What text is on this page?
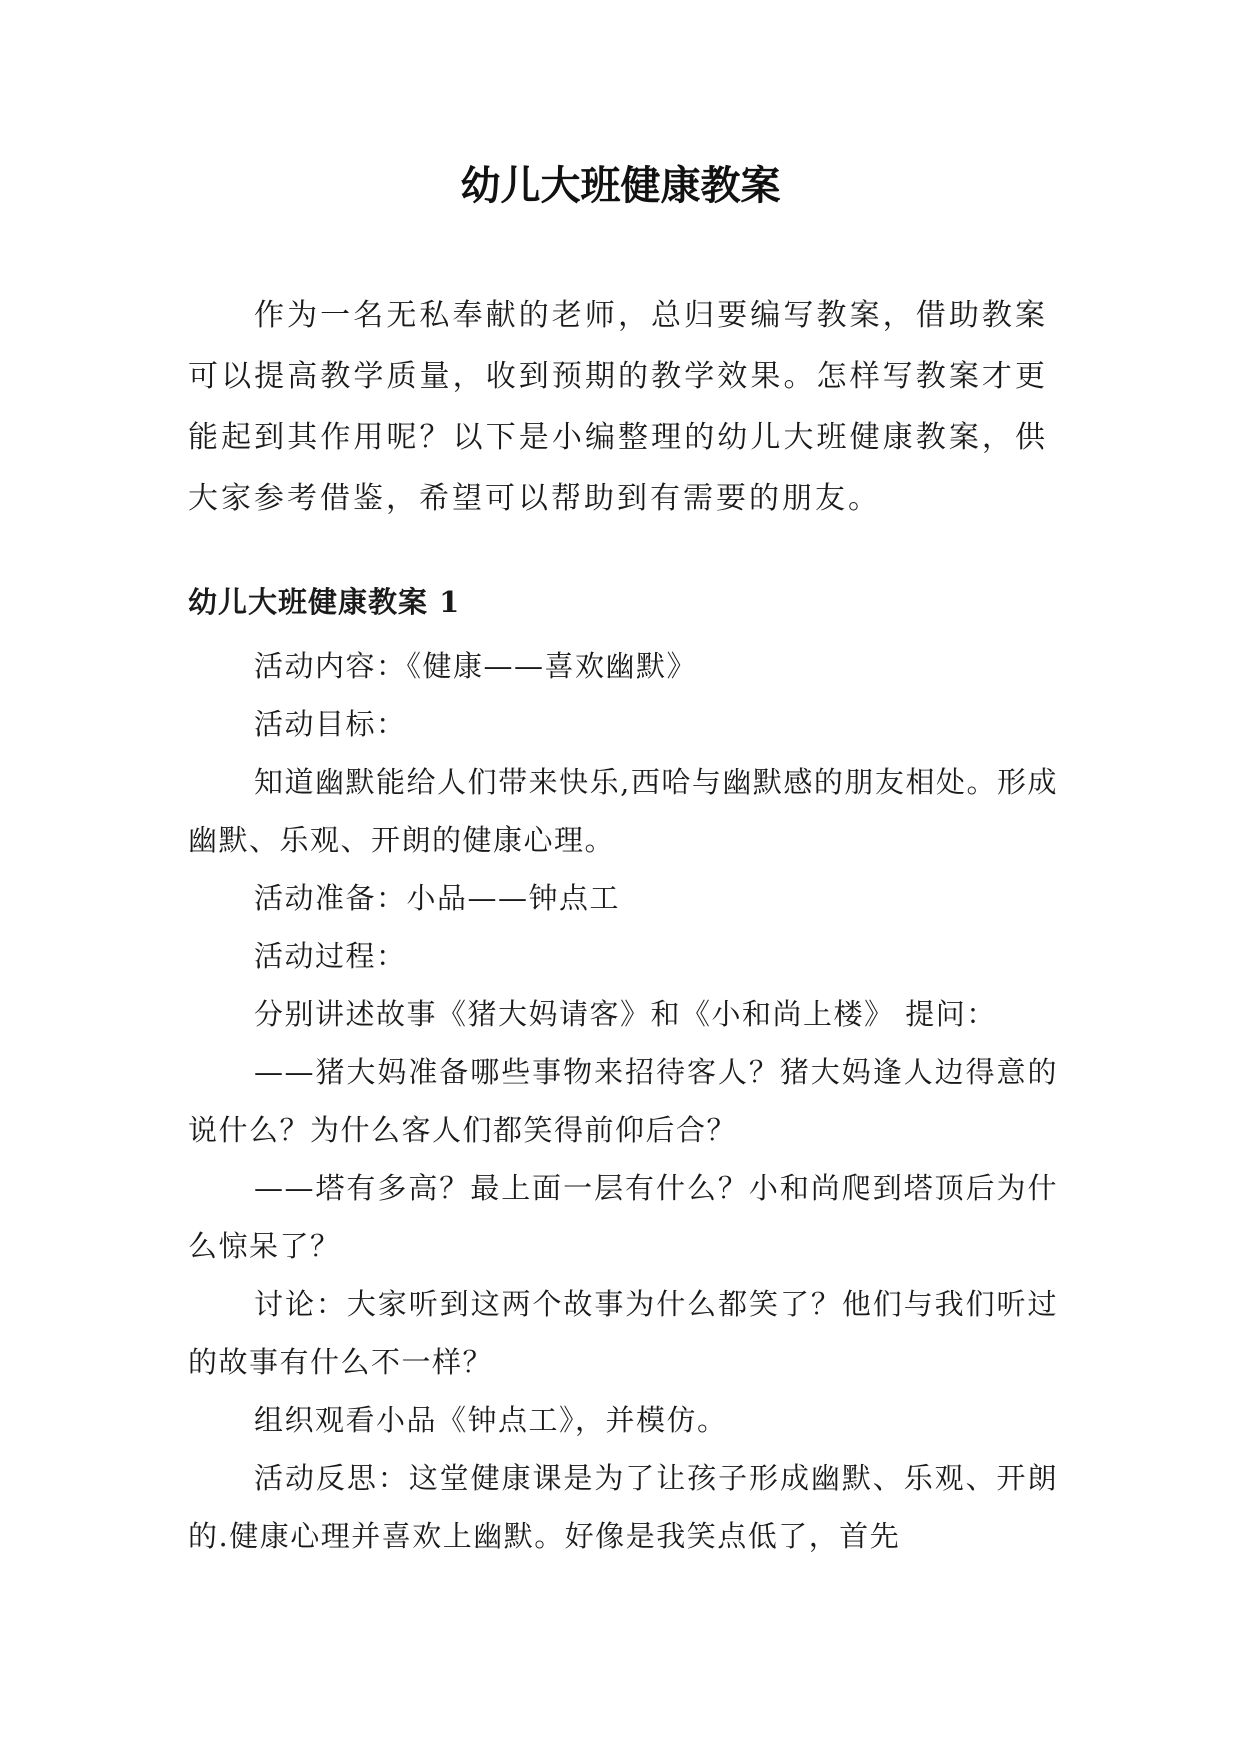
幼儿大班健康教案

作为一名无私奉献的老师，总归要编写教案，借助教案可以提高教学质量，收到预期的教学效果。怎样写教案才更能起到其作用呢？以下是小编整理的幼儿大班健康教案，供大家参考借鉴，希望可以帮助到有需要的朋友。

幼儿大班健康教案 1

活动内容：《健康——喜欢幽默》

活动目标：

知道幽默能给人们带来快乐,西哈与幽默感的朋友相处。形成幽默、乐观、开朗的健康心理。

活动准备：小品——钟点工

活动过程：

分别讲述故事《猪大妈请客》和《小和尚上楼》 提问：

——猪大妈准备哪些事物来招待客人？猪大妈逢人边得意的说什么？为什么客人们都笑得前仰后合？

——塔有多高？最上面一层有什么？小和尚爬到塔顶后为什么惊呆了？

讨论：大家听到这两个故事为什么都笑了？他们与我们听过的故事有什么不一样？

组织观看小品《钟点工》，并模仿。

活动反思：这堂健康课是为了让孩子形成幽默、乐观、开朗的.健康心理并喜欢上幽默。好像是我笑点低了，首先
